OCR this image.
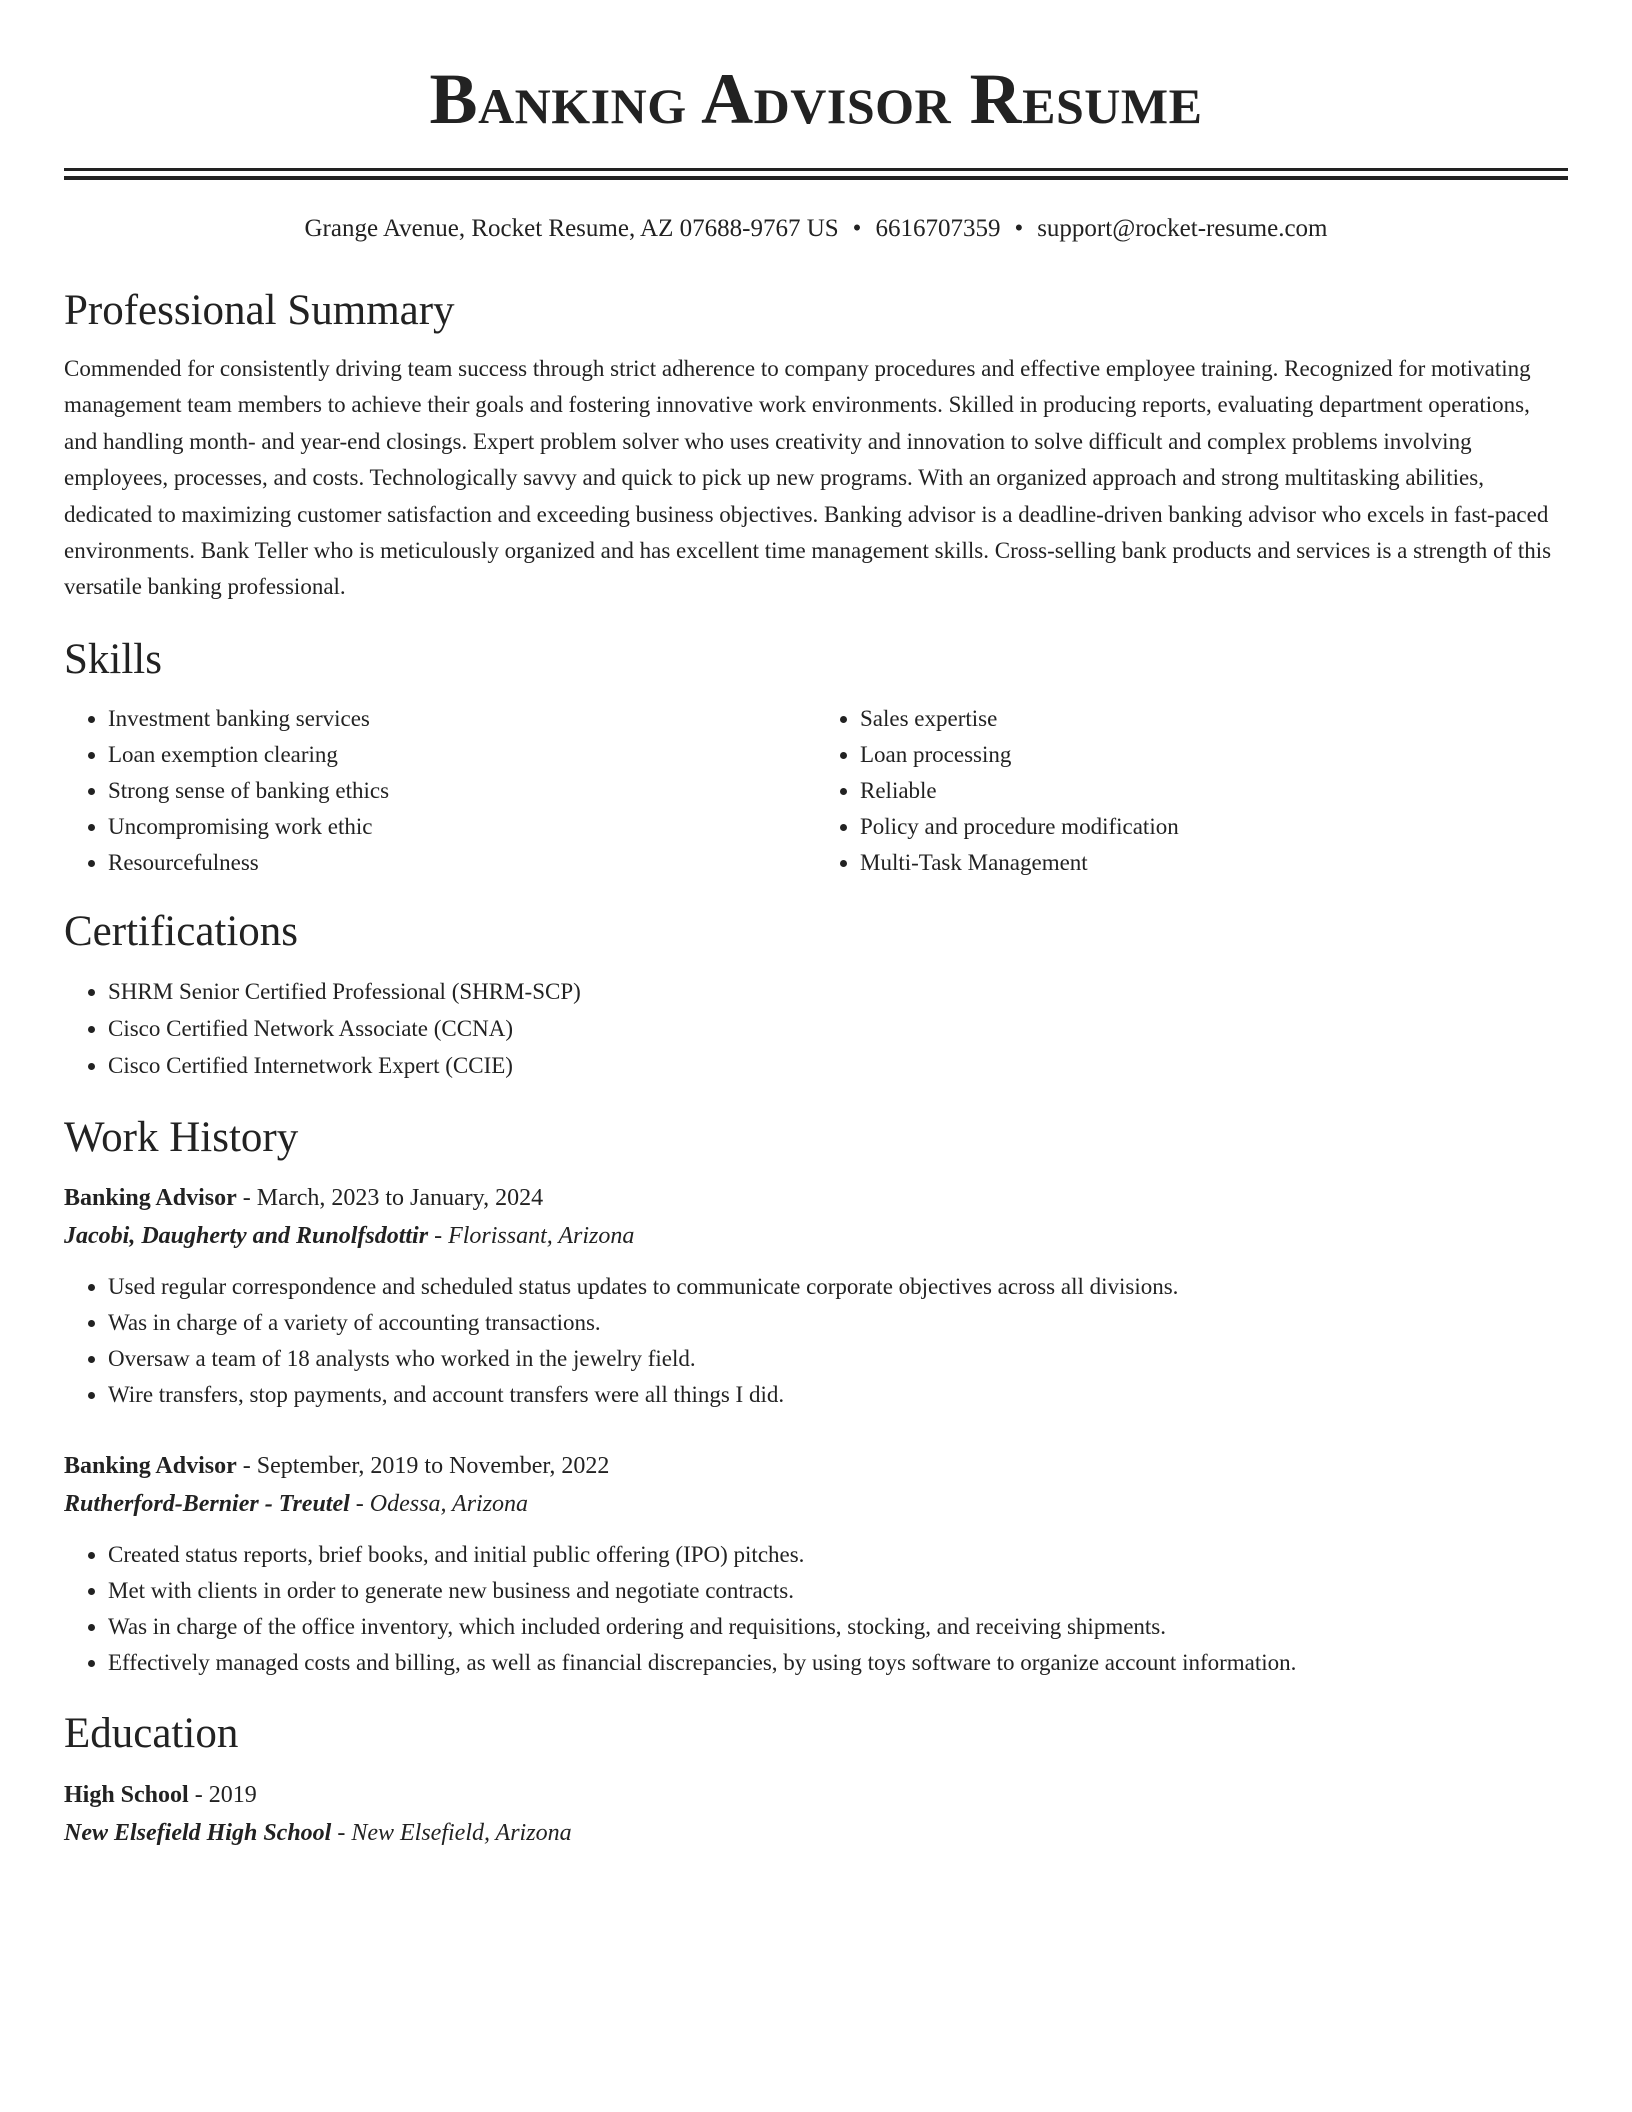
Banking Advisor Resume
Grange Avenue, Rocket Resume, AZ 07688-9767 US • 6616707359 • support@rocket-resume.com
Professional Summary

Commended for consistently driving team success through strict adherence to company procedures and effective employee training. Recognized for motivating management team members to achieve their goals and fostering innovative work environments. Skilled in producing reports, evaluating department operations, and handling month- and year-end closings. Expert problem solver who uses creativity and innovation to solve difficult and complex problems involving employees, processes, and costs. Technologically savvy and quick to pick up new programs. With an organized approach and strong multitasking abilities, dedicated to maximizing customer satisfaction and exceeding business objectives. Banking advisor is a deadline-driven banking advisor who excels in fast-paced environments. Bank Teller who is meticulously organized and has excellent time management skills. Cross-selling bank products and services is a strength of this versatile banking professional.

Skills
• Investment banking services
• Loan exemption clearing
• Strong sense of banking ethics
• Uncompromising work ethic
• Resourcefulness
• Sales expertise
• Loan processing
• Reliable
• Policy and procedure modification
• Multi-Task Management
Certifications
• SHRM Senior Certified Professional (SHRM-SCP)
• Cisco Certified Network Associate (CCNA)
• Cisco Certified Internetwork Expert (CCIE)
Work History
Banking Advisor - March, 2023 to January, 2024
Jacobi, Daugherty and Runolfsdottir - Florissant, Arizona
• Used regular correspondence and scheduled status updates to communicate corporate objectives across all divisions.
• Was in charge of a variety of accounting transactions.
• Oversaw a team of 18 analysts who worked in the jewelry field.
• Wire transfers, stop payments, and account transfers were all things I did.
Banking Advisor - September, 2019 to November, 2022
Rutherford-Bernier - Treutel - Odessa, Arizona
• Created status reports, brief books, and initial public offering (IPO) pitches.
• Met with clients in order to generate new business and negotiate contracts.
• Was in charge of the office inventory, which included ordering and requisitions, stocking, and receiving shipments.
• Effectively managed costs and billing, as well as financial discrepancies, by using toys software to organize account information.
Education
High School - 2019
New Elsefield High School - New Elsefield, Arizona
